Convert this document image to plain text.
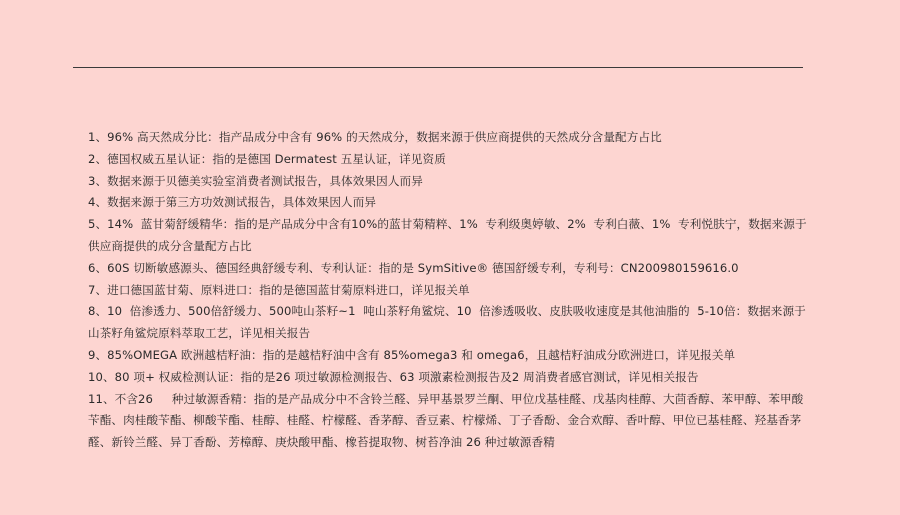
1、96% 高天然成分比：指产品成分中含有 96% 的天然成分，数据来源于供应商提供的天然成分含量配方占比
2、德国权威五星认证：指的是德国 Dermatest 五星认证，详见资质
3、数据来源于贝德美实验室消费者测试报告，具体效果因人而异
4、数据来源于第三方功效测试报告，具体效果因人而异
5、14%  蓝甘菊舒缓精华：指的是产品成分中含有10%的蓝甘菊精粹、1%  专利级奥婷敏、2%  专利白薇、1%  专利悦肤宁，数据来源于供应商提供的成分含量配方占比
6、60S 切断敏感源头、德国经典舒缓专利、专利认证：指的是 SymSitive® 德国舒缓专利，专利号：CN200980159616.0
7、进口德国蓝甘菊、原料进口：指的是德国蓝甘菊原料进口，详见报关单
8、10  倍渗透力、500倍舒缓力、500吨山茶籽~1  吨山茶籽角鲨烷、10  倍渗透吸收、皮肤吸收速度是其他油脂的  5-10倍：数据来源于山茶籽角鲨烷原料萃取工艺，详见相关报告
9、85%OMEGA 欧洲越桔籽油：指的是越桔籽油中含有 85%omega3 和 omega6，且越桔籽油成分欧洲进口，详见报关单
10、80 项+ 权威检测认证：指的是26 项过敏源检测报告、63 项激素检测报告及2 周消费者感官测试，详见相关报告
11、不含26     种过敏源香精：指的是产品成分中不含铃兰醛、异甲基景罗兰酮、甲位戊基桂醛、戊基肉桂醇、大茴香醇、苯甲醇、苯甲酸苄酯、肉桂酸苄酯、柳酸苄酯、桂醇、桂醛、柠檬醛、香茅醇、香豆素、柠檬烯、丁子香酚、金合欢醇、香叶醇、甲位已基桂醛、羟基香茅醛、新铃兰醛、异丁香酚、芳樟醇、庚炔酸甲酯、橡苔提取物、树苔净油 26 种过敏源香精
